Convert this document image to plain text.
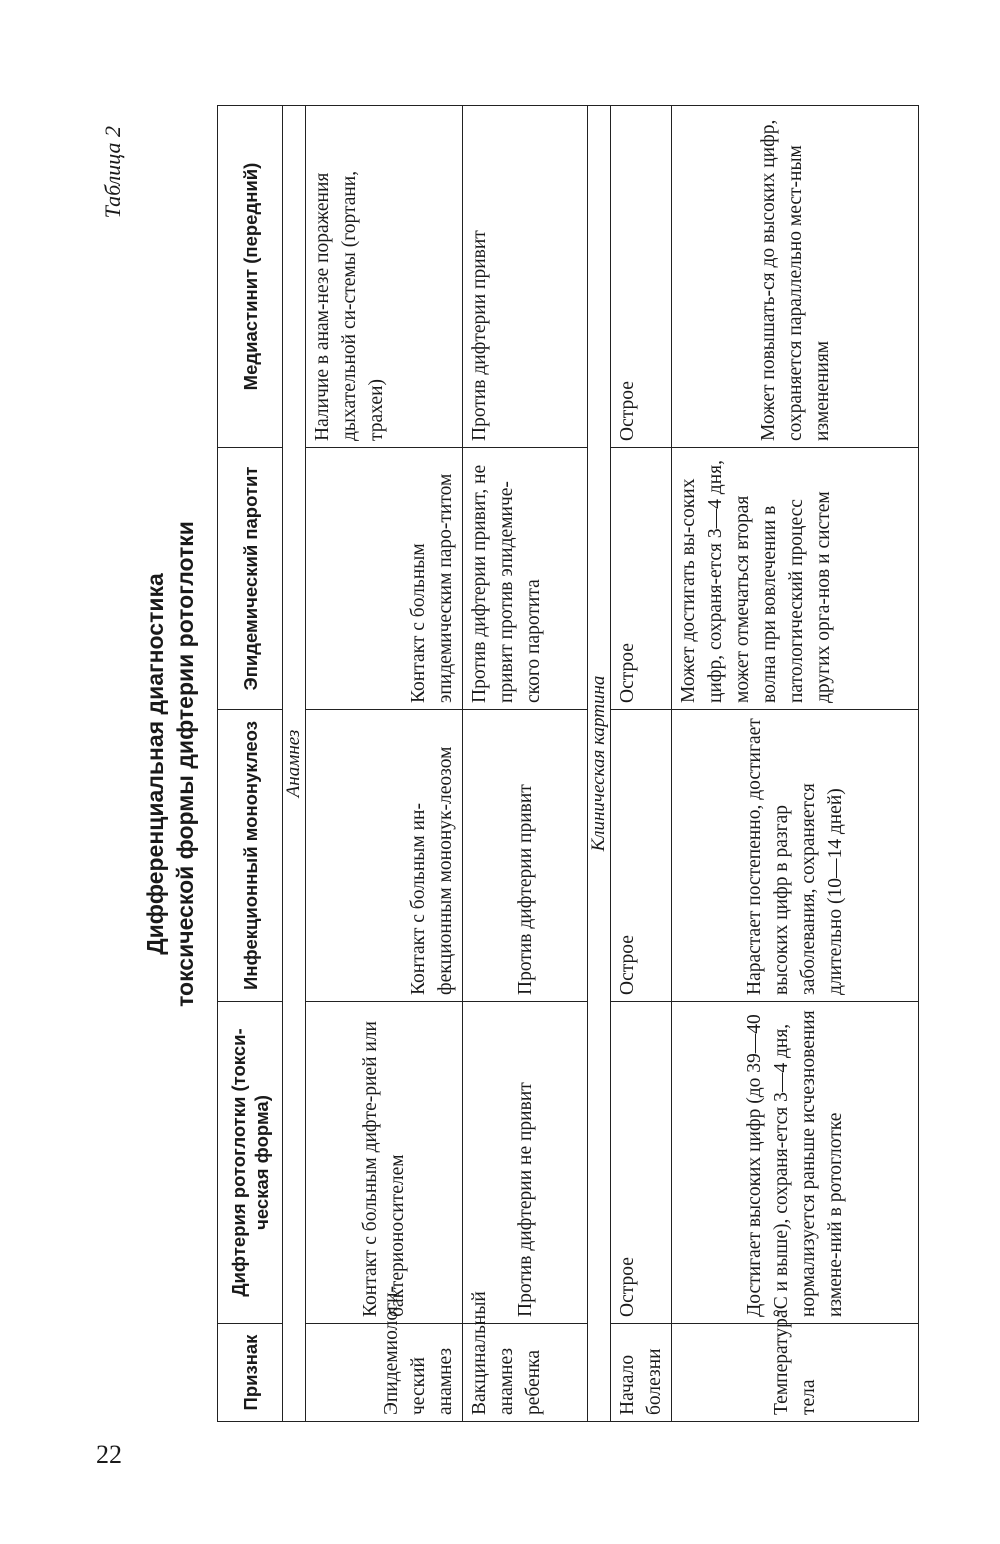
22
Таблица 2
Дифференциальная диагностика токсической формы дифтерии ротоглотки
Признак	Дифтерия ротоглотки (токси-ческая форма)	Инфекционный мононуклеоз	Эпидемический паротит	Медиастинит (передний)
Анамнез				
Эпидемиологи-ческий анамнез	Контакт с больным дифте-рией или бактерионосителем	Контакт с больным ин-фекционным мононук-леозом	Контакт с больным эпидемическим паро-титом	Наличие в анам-незе поражения дыхательной си-стемы (гортани, трахеи)
Вакцинальный анамнез ребенка	Против дифтерии не привит	Против дифтерии привит	Против дифтерии привит, не привит против эпидемиче-ского паротита	Против дифтерии привит
Клиническая картина				
Начало болезни	Острое	Острое	Острое	Острое
Температура тела	Достигает высоких цифр (до 39—40 °С и выше), сохраня-ется 3—4 дня, нормализуется раньше исчезновения измене-ний в ротоглотке	Нарастает постепенно, достигает высоких цифр в разгар заболевания, сохраняется длительно (10—14 дней)	Может достигать вы-соких цифр, сохраня-ется 3—4 дня, может отмечаться вторая волна при вовлечении в патологический процесс других орга-нов и систем	Может повышать-ся до высоких цифр, сохраняется параллельно мест-ным изменениям
